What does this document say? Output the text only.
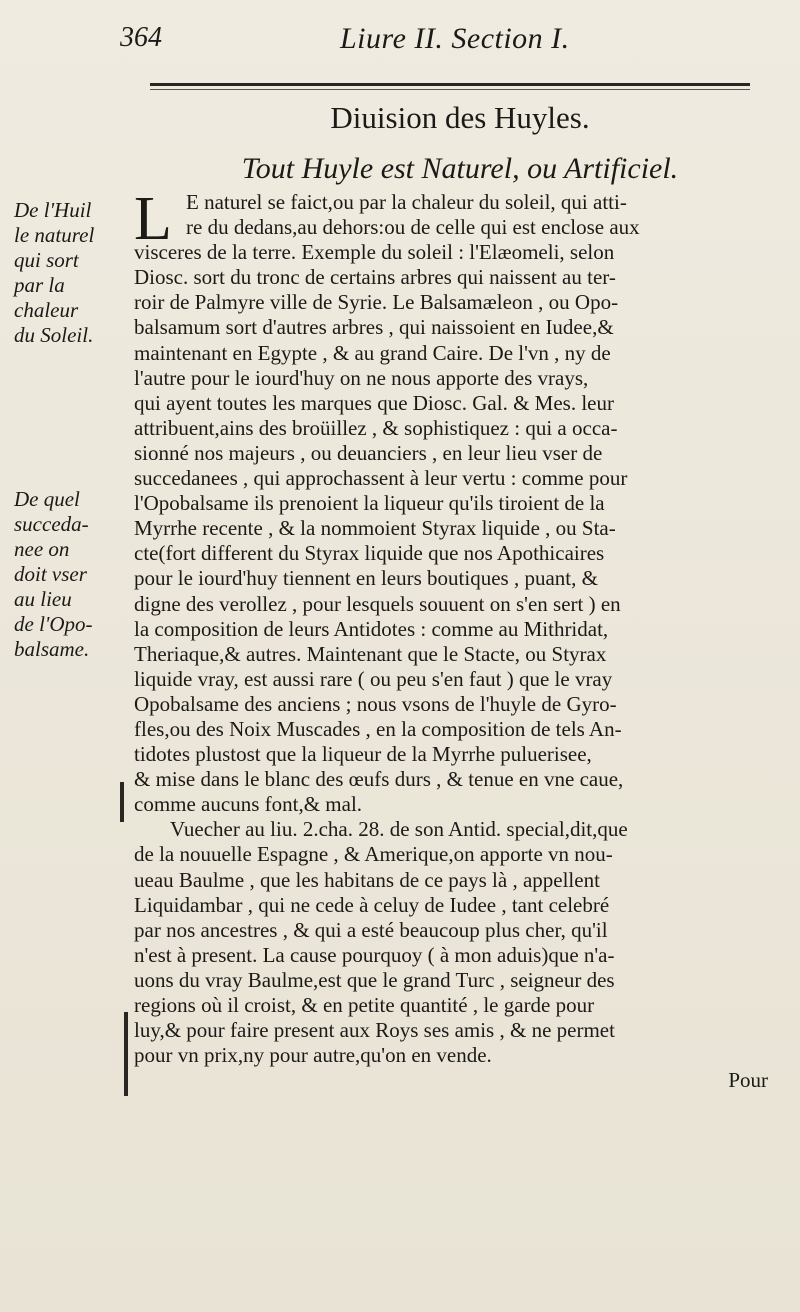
364	Liure II. Section I.
Diuision des Huyles.
Tout Huyle est Naturel, ou Artificiel.

De l'Huil
le naturel
qui sort
par la
chaleur
du Soleil.

De quel
succeda-
nee on
doit vser
au lieu
de l'Opo-
balsame.

L E naturel se faict,ou par la chaleur du soleil, qui atti-
re du dedans,au dehors:ou de celle qui est enclose aux
visceres de la terre. Exemple du soleil : l'Elæomeli, selon
Diosc. sort du tronc de certains arbres qui naissent au ter-
roir de Palmyre ville de Syrie. Le Balsamæleon , ou Opo-
balsamum sort d'autres arbres , qui naissoient en Iudee,&
maintenant en Egypte , & au grand Caire. De l'vn , ny de
l'autre pour le iourd'huy on ne nous apporte des vrays,
qui ayent toutes les marques que Diosc. Gal. & Mes. leur
attribuent,ains des broüillez , & sophistiquez : qui a occa-
sionné nos majeurs , ou deuanciers , en leur lieu vser de
succedanees , qui approchassent à leur vertu : comme pour
l'Opobalsame ils prenoient la liqueur qu'ils tiroient de la
Myrrhe recente , & la nommoient Styrax liquide , ou Sta-
cte(fort different du Styrax liquide que nos Apothicaires
pour le iourd'huy tiennent en leurs boutiques , puant, &
digne des verollez , pour lesquels souuent on s'en sert ) en
la composition de leurs Antidotes : comme au Mithridat,
Theriaque,& autres. Maintenant que le Stacte, ou Styrax
liquide vray, est aussi rare ( ou peu s'en faut ) que le vray
Opobalsame des anciens ; nous vsons de l'huyle de Gyro-
fles,ou des Noix Muscades , en la composition de tels An-
tidotes plustost que la liqueur de la Myrrhe puluerisee,
& mise dans le blanc des œufs durs , & tenue en vne caue,
comme aucuns font,& mal.
Vuecher au liu. 2.cha. 28. de son Antid. special,dit,que
de la nouuelle Espagne , & Amerique,on apporte vn nou-
ueau Baulme , que les habitans de ce pays là , appellent
Liquidambar , qui ne cede à celuy de Iudee , tant celebré
par nos ancestres , & qui a esté beaucoup plus cher, qu'il
n'est à present. La cause pourquoy ( à mon aduis)que n'a-
uons du vray Baulme,est que le grand Turc , seigneur des
regions où il croist, & en petite quantité , le garde pour
luy,& pour faire present aux Roys ses amis , & ne permet
pour vn prix,ny pour autre,qu'on en vende.
Pour
